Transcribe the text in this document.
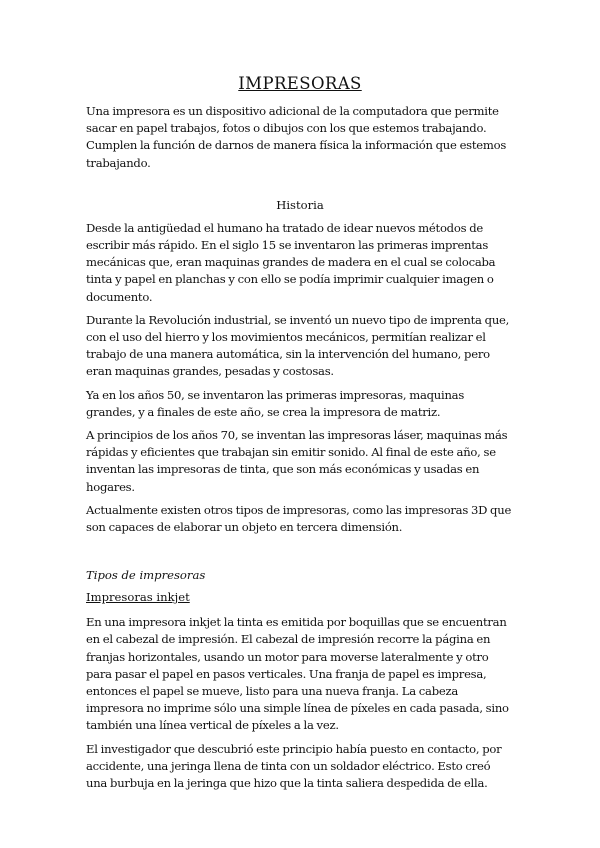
IMPRESORAS

Una impresora es un dispositivo adicional de la computadora que permite sacar en papel trabajos, fotos o dibujos con los que estemos trabajando. Cumplen la función de darnos de manera física la información que estemos trabajando.

Historia

Desde la antigüedad el humano ha tratado de idear nuevos métodos de escribir más rápido. En el siglo 15 se inventaron las primeras imprentas mecánicas que, eran maquinas grandes de madera en el cual se colocaba tinta y papel en planchas y con ello se podía imprimir cualquier imagen o documento.

Durante la Revolución industrial, se inventó un nuevo tipo de imprenta que, con el uso del hierro y los movimientos mecánicos, permitían realizar el trabajo de una manera automática, sin la intervención del humano, pero eran maquinas grandes, pesadas y costosas.

Ya en los años 50, se inventaron las primeras impresoras, maquinas grandes, y a finales de este año, se crea la impresora de matriz.

A principios de los años 70, se inventan las impresoras láser, maquinas más rápidas y eficientes que trabajan sin emitir sonido. Al final de este año, se inventan las impresoras de tinta, que son más económicas y usadas en hogares.

Actualmente existen otros tipos de impresoras, como las impresoras 3D que son capaces de elaborar un objeto en tercera dimensión.

Tipos de impresoras
Impresoras inkjet

En una impresora inkjet la tinta es emitida por boquillas que se encuentran en el cabezal de impresión. El cabezal de impresión recorre la página en franjas horizontales, usando un motor para moverse lateralmente y otro para pasar el papel en pasos verticales. Una franja de papel es impresa, entonces el papel se mueve, listo para una nueva franja. La cabeza impresora no imprime sólo una simple línea de píxeles en cada pasada, sino también una línea vertical de píxeles a la vez.

El investigador que descubrió este principio había puesto en contacto, por accidente, una jeringa llena de tinta con un soldador eléctrico. Esto creó una burbuja en la jeringa que hizo que la tinta saliera despedida de ella.
